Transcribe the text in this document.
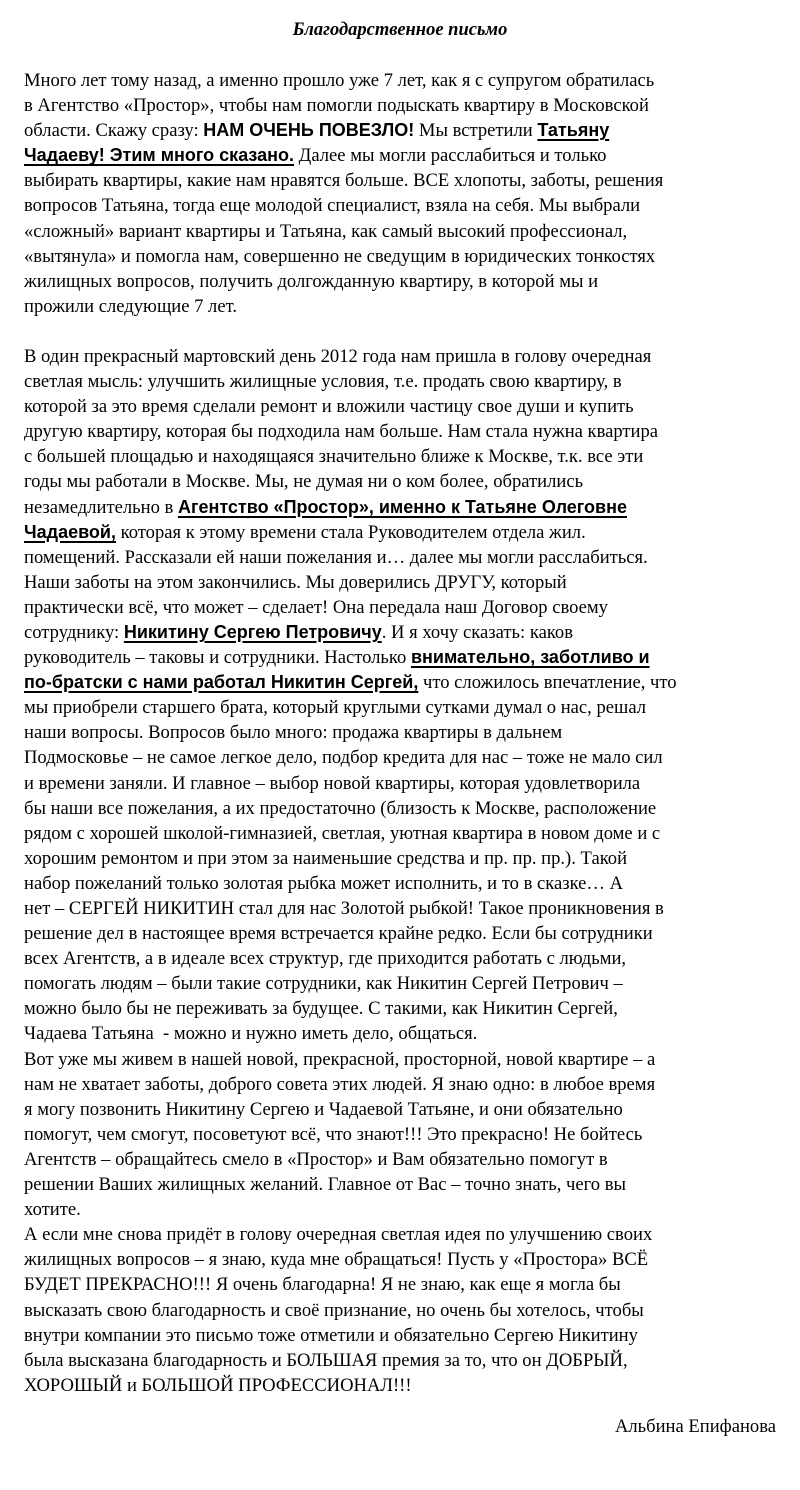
Благодарственное письмо
Много лет тому назад, а именно прошло уже 7 лет, как я с супругом обратилась
в Агентство «Простор», чтобы нам помогли подыскать квартиру в Московской
области. Скажу сразу: НАМ ОЧЕНЬ ПОВЕЗЛО! Мы встретили Татьяну
Чадаеву! Этим много сказано. Далее мы могли расслабиться и только
выбирать квартиры, какие нам нравятся больше. ВСЕ хлопоты, заботы, решения
вопросов Татьяна, тогда еще молодой специалист, взяла на себя. Мы выбрали
«сложный» вариант квартиры и Татьяна, как самый высокий профессионал,
«вытянула» и помогла нам, совершенно не сведущим в юридических тонкостях
жилищных вопросов, получить долгожданную квартиру, в которой мы и
прожили следующие 7 лет.
В один прекрасный мартовский день 2012 года нам пришла в голову очередная
светлая мысль: улучшить жилищные условия, т.е. продать свою квартиру, в
которой за это время сделали ремонт и вложили частицу свое души и купить
другую квартиру, которая бы подходила нам больше. Нам стала нужна квартира
с большей площадью и находящаяся значительно ближе к Москве, т.к. все эти
годы мы работали в Москве. Мы, не думая ни о ком более, обратились
незамедлительно в Агентство «Простор», именно к Татьяне Олеговне
Чадаевой, которая к этому времени стала Руководителем отдела жил.
помещений. Рассказали ей наши пожелания и… далее мы могли расслабиться.
Наши заботы на этом закончились. Мы доверились ДРУГУ, который
практически всё, что может – сделает! Она передала наш Договор своему
сотруднику: Никитину Сергею Петровичу. И я хочу сказать: каков
руководитель – таковы и сотрудники. Настолько внимательно, заботливо и
по-братски с нами работал Никитин Сергей, что сложилось впечатление, что
мы приобрели старшего брата, который круглыми сутками думал о нас, решал
наши вопросы. Вопросов было много: продажа квартиры в дальнем
Подмосковье – не самое легкое дело, подбор кредита для нас – тоже не мало сил
и времени заняли. И главное – выбор новой квартиры, которая удовлетворила
бы наши все пожелания, а их предостаточно (близость к Москве, расположение
рядом с хорошей школой-гимназией, светлая, уютная квартира в новом доме и с
хорошим ремонтом и при этом за наименьшие средства и пр. пр. пр.). Такой
набор пожеланий только золотая рыбка может исполнить, и то в сказке… А
нет – СЕРГЕЙ НИКИТИН стал для нас Золотой рыбкой! Такое проникновения в
решение дел в настоящее время встречается крайне редко. Если бы сотрудники
всех Агентств, а в идеале всех структур, где приходится работать с людьми,
помогать людям – были такие сотрудники, как Никитин Сергей Петрович –
можно было бы не переживать за будущее. С такими, как Никитин Сергей,
Чадаева Татьяна  - можно и нужно иметь дело, общаться.
Вот уже мы живем в нашей новой, прекрасной, просторной, новой квартире – а
нам не хватает заботы, доброго совета этих людей. Я знаю одно: в любое время
я могу позвонить Никитину Сергею и Чадаевой Татьяне, и они обязательно
помогут, чем смогут, посоветуют всё, что знают!!! Это прекрасно! Не бойтесь
Агентств – обращайтесь смело в «Простор» и Вам обязательно помогут в
решении Ваших жилищных желаний. Главное от Вас – точно знать, чего вы
хотите.
А если мне снова придёт в голову очередная светлая идея по улучшению своих
жилищных вопросов – я знаю, куда мне обращаться! Пусть у «Простора» ВСЁ
БУДЕТ ПРЕКРАСНО!!! Я очень благодарна! Я не знаю, как еще я могла бы
высказать свою благодарность и своё признание, но очень бы хотелось, чтобы
внутри компании это письмо тоже отметили и обязательно Сергею Никитину
была высказана благодарность и БОЛЬШАЯ премия за то, что он ДОБРЫЙ,
ХОРОШЫЙ и БОЛЬШОЙ ПРОФЕССИОНАЛ!!!
Альбина Епифанова
